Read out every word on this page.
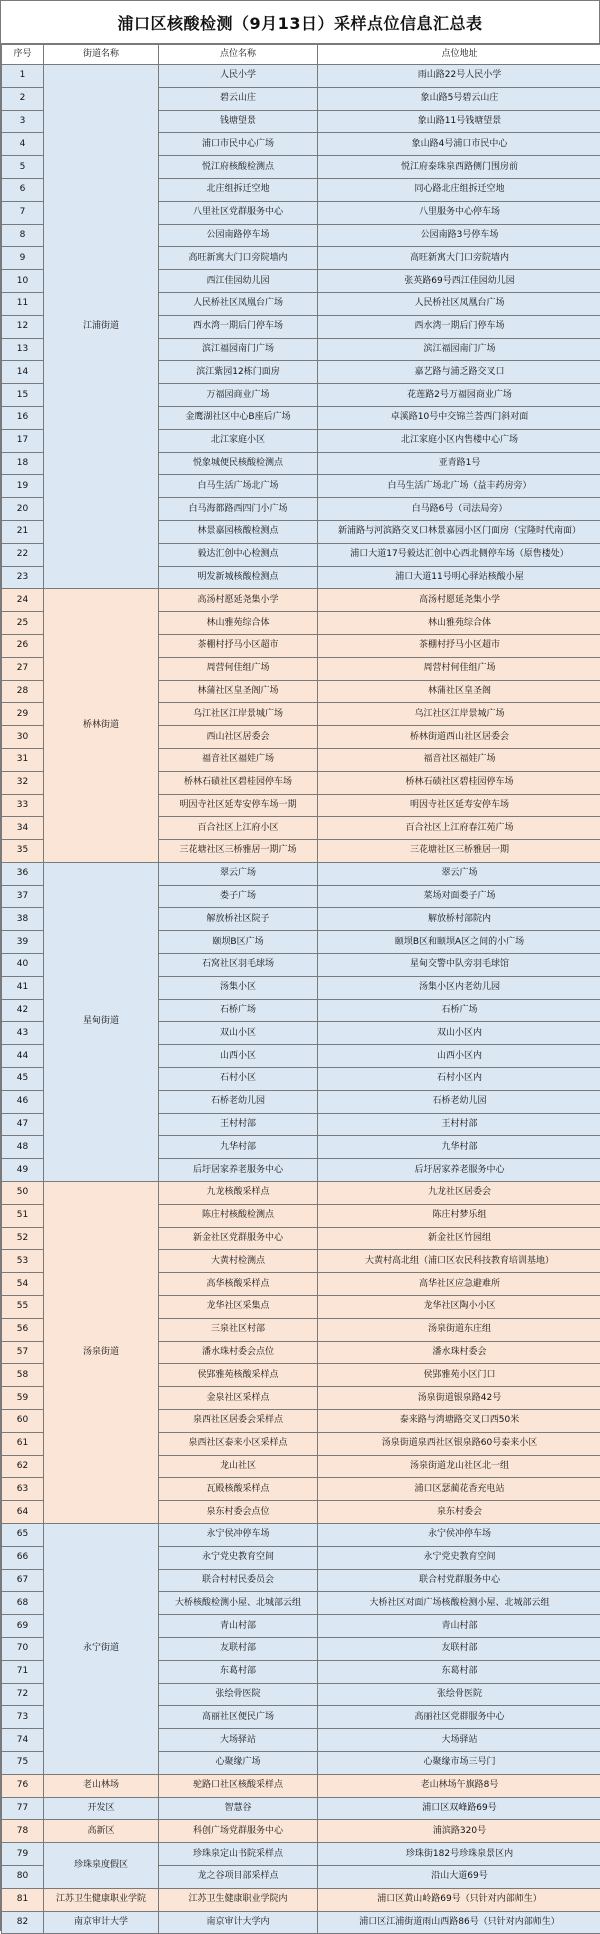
浦口区核酸检测（9月13日）采样点位信息汇总表
序号	街道名称	点位名称	点位地址
1	江浦街道	人民小学	雨山路22号人民小学
2		碧云山庄	象山路5号碧云山庄
3		钱塘望景	象山路11号钱塘望景
4		浦口市民中心广场	象山路4号浦口市民中心
5		悦江府核酸检测点	悦江府泰珠泉西路侧门围房前
6		北庄组拆迁空地	同心路北庄组拆迁空地
7		八里社区党群服务中心	八里服务中心停车场
8		公园南路停车场	公园南路3号停车场
9		高旺新寓大门口旁院墙内	高旺新寓大门口旁院墙内
10		西江佳园幼儿园	张英路69号西江佳园幼儿园
11		人民桥社区凤凰台广场	人民桥社区凤凰台广场
12		西水湾一期后门停车场	西水湾一期后门停车场
13		滨江福园南门广场	滨江福园南门广场
14		滨江紫园12栋门面房	嘉艺路与浦乏路交叉口
15		万福园商业广场	花莲路2号万福园商业广场
16		金鹰湖社区中心B座后广场	卓溪路10号中交锦兰荟西门斜对面
17		北江家庭小区	北江家庭小区内售楼中心广场
18		悦象城便民核酸检测点	亚青路1号
19		白马生活广场北广场	白马生活广场北广场（益丰药房旁）
20		白马海都路西四门小广场	白马路6号（司法局旁）
21		林景嘉园核酸检测点	新浦路与河滨路交叉口林景嘉园小区门面房（宝隆时代南面）
22		毅达汇创中心检测点	浦口大道17号毅达汇创中心西北侧停车场（原售楼处）
23		明发新城核酸检测点	浦口大道11号明心驿站核酸小屋
24	桥林街道	高汤村愿延尧集小学	高汤村愿延尧集小学
25		林山雅苑综合体	林山雅苑综合体
26		茶棚村抒马小区超市	茶棚村抒马小区超市
27		周营何佳组广场	周营村何佳组广场
28		林蒲社区皇圣阁广场	林蒲社区皇圣阁
29		乌江社区江岸景城广场	乌江社区江岸景城广场
30		西山社区居委会	桥林街道西山社区居委会
31		福音社区福娃广场	福音社区福娃广场
32		桥林石碛社区碧桂园停车场	桥林石碛社区碧桂园停车场
33		明因寺社区延寿安停车场一期	明因寺社区延寿安停车场
34		百合社区上江府小区	百合社区上江府春江苑广场
35		三花塘社区三桥雅居一期广场	三花塘社区三桥雅居一期
36	星甸街道	翠云广场	翠云广场
37		娄子广场	菜场对面娄子广场
38		解放桥社区院子	解放桥村部院内
39		颐坝B区广场	颐坝B区和颐坝A区之间的小广场
40		石窝社区羽毛球场	星甸交警中队旁羽毛球馆
41		汤集小区	汤集小区内老幼儿园
42		石桥广场	石桥广场
43		双山小区	双山小区内
44		山西小区	山西小区内
45		石村小区	石村小区内
46		石桥老幼儿园	石桥老幼儿园
47		王村村部	王村村部
48		九华村部	九华村部
49		后圩居家养老服务中心	后圩居家养老服务中心
50	汤泉街道	九龙核酸采样点	九龙社区居委会
51		陈庄村核酸检测点	陈庄村梦乐组
52		新金社区党群服务中心	新金社区竹园组
53		大黄村检测点	大黄村高北组（浦口区农民科技教育培训基地）
54		高华核酸采样点	高华社区应急避难所
55		龙华社区采集点	龙华社区陶小小区
56		三泉社区村部	汤泉街道东庄组
57		潘水珠村委会点位	潘水珠村委会
58		侯郢雅苑核酸采样点	侯郢雅苑小区门口
59		金泉社区采样点	汤泉街道银泉路42号
60		泉西社区居委会采样点	泰来路与湾塘路交叉口西50米
61		泉西社区泰来小区采样点	汤泉街道泉西社区银泉路60号泰来小区
62		龙山社区	汤泉街道龙山社区北一组
63		瓦殿核酸采样点	浦口区瑟蔺花香充电站
64		泉东村委会点位	泉东村委会
65	永宁街道	永宁侯冲停车场	永宁侯冲停车场
66		永宁党史教育空间	永宁党史教育空间
67		联合村村民委员会	联合村党群服务中心
68		大桥核酸检测小屋、北城部云组	大桥社区对面广场核酸检测小屋、北城部云组
69		青山村部	青山村部
70		友联村部	友联村部
71		东葛村部	东葛村部
72		张绘骨医院	张绘骨医院
73		高丽社区便民广场	高丽社区党群服务中心
74		大场驿站	大场驿站
75		心聚缘广场	心聚缘市场三号门
76	老山林场	驼路口社区核酸采样点	老山林场午旗路8号
77	开发区	智慧谷	浦口区双峰路69号
78	高新区	科创广场党群服务中心	浦滨路320号
79	珍珠泉度假区	珍珠泉定山书院采样点	珍珠街182号珍珠泉景区内
80		龙之谷项目部采样点	沿山大道69号
81	江苏卫生健康职业学院	江苏卫生健康职业学院内	浦口区黄山岭路69号（只针对内部师生）
82	南京审计大学	南京审计大学内	浦口区江浦街道雨山西路86号（只针对内部师生）
